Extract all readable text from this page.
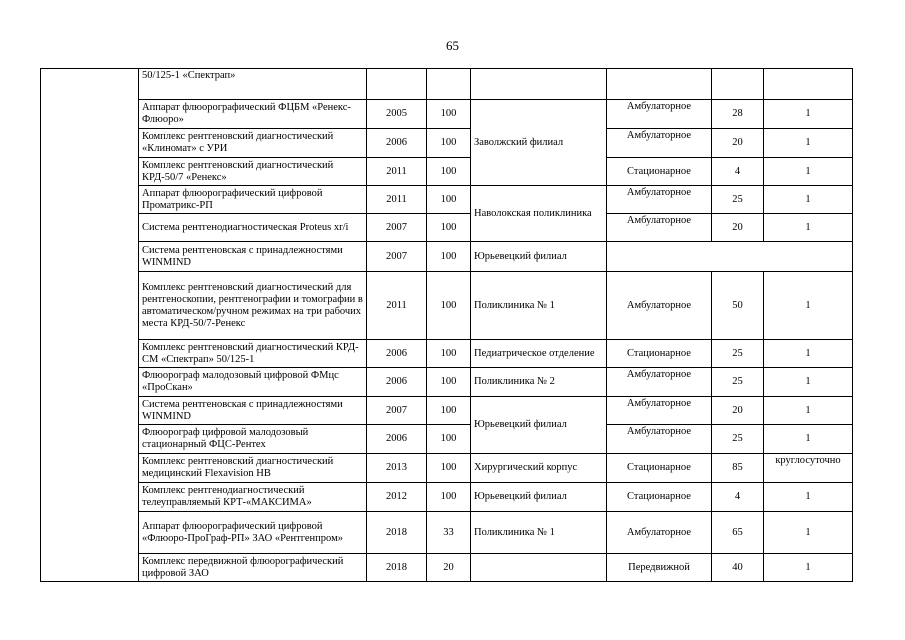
65
	50/125-1 «Спектрап»						
	Аппарат флюорографический ФЦБМ «Ренекс-Флюоро»	2005	100	Заволжский филиал	Амбулаторное	28	1
	Комплекс рентгеновский диагностический «Клиномат» с УРИ	2006	100		Амбулаторное	20	1
	Комплекс рентгеновский диагностический КРД-50/7 «Ренекс»	2011	100		Стационарное	4	1
	Аппарат флюорографический цифровой Проматрикс-РП	2011	100	Наволокская поликлиника	Амбулаторное	25	1
	Система рентгенодиагностическая Proteus xr/i	2007	100		Амбулаторное	20	1
	Система рентгеновская с принадлежностями WINMIND	2007	100	Юрьевецкий филиал			
	Комплекс рентгеновский диагностический для рентгеноскопии, рентгенографии и томографии в автоматическом/ручном режимах на три рабочих места КРД-50/7-Ренекс	2011	100	Поликлиника № 1	Амбулаторное	50	1
	Комплекс рентгеновский диагностический КРД-СМ «Спектрап» 50/125-1	2006	100	Педиатрическое отделение	Стационарное	25	1
	Флюорограф малодозовый цифровой ФМцс «ПроСкан»	2006	100	Поликлиника № 2	Амбулаторное	25	1
	Система рентгеновская с принадлежностями WINMIND	2007	100	Юрьевецкий филиал	Амбулаторное	20	1
	Флюорограф цифровой малодозовый стационарный ФЦС-Рентех	2006	100		Амбулаторное	25	1
	Комплекс рентгеновский диагностический медицинский Flexavision HB	2013	100	Хирургический корпус	Стационарное	85	круглосуточно
	Комплекс рентгенодиагностический телеуправляемый КРТ-«МАКСИМА»	2012	100	Юрьевецкий филиал	Стационарное	4	1
	Аппарат флюорографический цифровой «Флюоро-ПроГраф-РП» ЗАО «Рентгенпром»	2018	33	Поликлиника № 1	Амбулаторное	65	1
	Комплекс передвижной флюорографический цифровой ЗАО	2018	20		Передвижной	40	1
